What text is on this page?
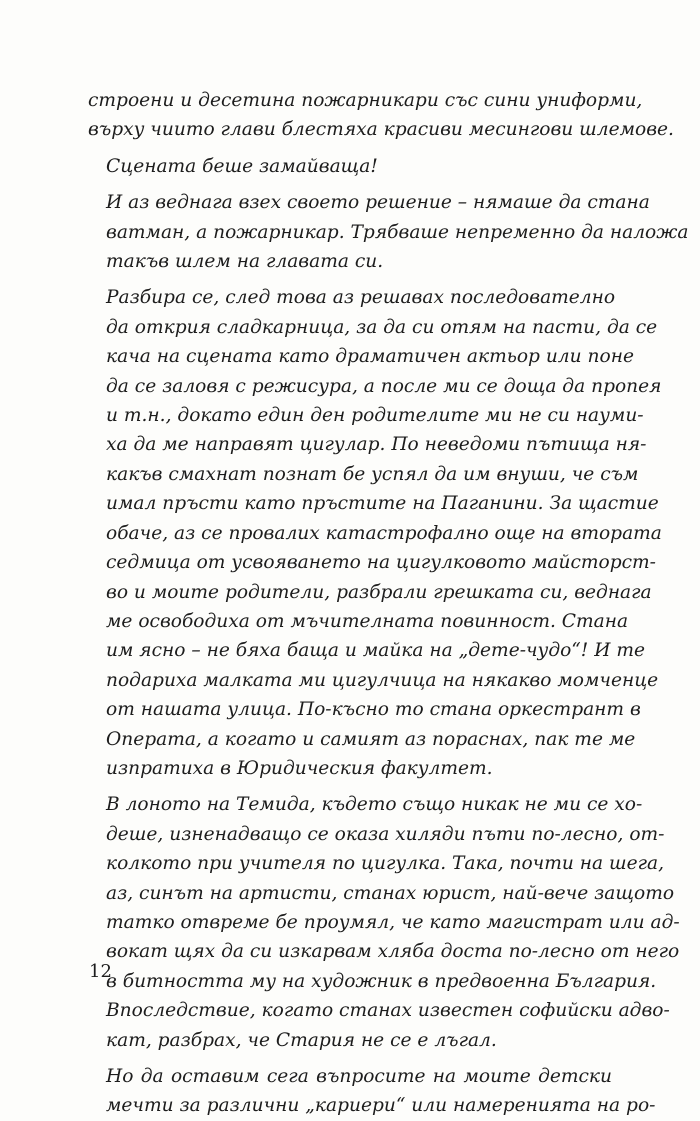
строени и десетина пожарникари със сини униформи,
върху чиито глави блестяха красиви месингови шлемове.

Сцената беше замайваща!

И аз веднага взех своето решение – нямаше да стана
ватман, а пожарникар. Трябваше непременно да наложа
такъв шлем на главата си.

Разбира се, след това аз решавах последователно
да открия сладкарница, за да си отям на пасти, да се
кача на сцената като драматичен актьор или поне
да се заловя с режисура, а после ми се доща да пропея
и т.н., докато един ден родителите ми не си науми-
ха да ме направят цигулар. По неведоми пътища ня-
какъв смахнат познат бе успял да им внуши, че съм
имал пръсти като пръстите на Паганини. За щастие
обаче, аз се провалих катастрофално още на втората
седмица от усвояването на цигулковото майсторст-
во и моите родители, разбрали грешката си, веднага
ме освободиха от мъчителната повинност. Стана
им ясно – не бяха баща и майка на „дете-чудо“! И те
подариха малката ми цигулчица на някакво момченце
от нашата улица. По-късно то стана оркестрант в
Операта, а когато и самият аз пораснах, пак те ме
изпратиха в Юридическия факултет.

В лоното на Темида, където също никак не ми се хо-
деше, изненадващо се оказа хиляди пъти по-лесно, от-
колкото при учителя по цигулка. Така, почти на шега,
аз, синът на артисти, станах юрист, най-вече защото
татко отвреме бе проумял, че като магистрат или ад-
вокат щях да си изкарвам хляба доста по-лесно от него
в битността му на художник в предвоенна България.
Впоследствие, когато станах известен софийски адво-
кат, разбрах, че Стария не се е лъгал.

Но да оставим сега въпросите на моите детски
мечти за различни „кариери“ или намеренията на ро-

12
